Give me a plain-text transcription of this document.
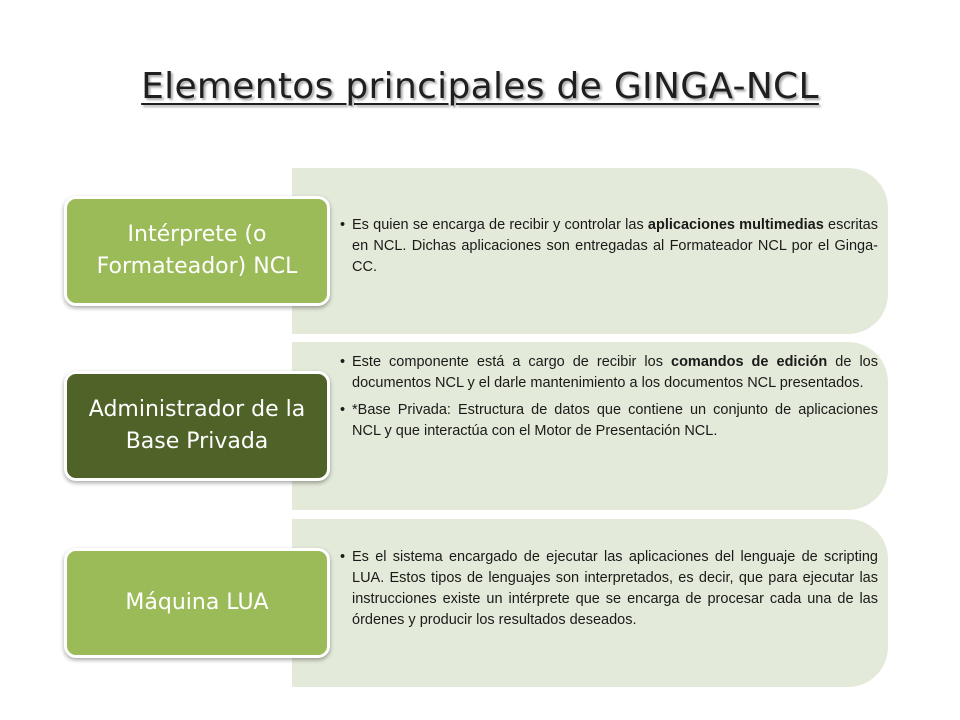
Elementos principales de GINGA-NCL
Intérprete (o Formateador) NCL
• Es quien se encarga de recibir y controlar las aplicaciones multimedias escritas en NCL. Dichas aplicaciones son entregadas al Formateador NCL por el Ginga-CC.
Administrador de la Base Privada
• Este componente está a cargo de recibir los comandos de edición de los documentos NCL y el darle mantenimiento a los documentos NCL presentados.
• *Base Privada: Estructura de datos que contiene un conjunto de aplicaciones NCL y que interactúa con el Motor de Presentación NCL.
Máquina LUA
• Es el sistema encargado de ejecutar las aplicaciones del lenguaje de scripting LUA. Estos tipos de lenguajes son interpretados, es decir, que para ejecutar las instrucciones existe un intérprete que se encarga de procesar cada una de las órdenes y producir los resultados deseados.
